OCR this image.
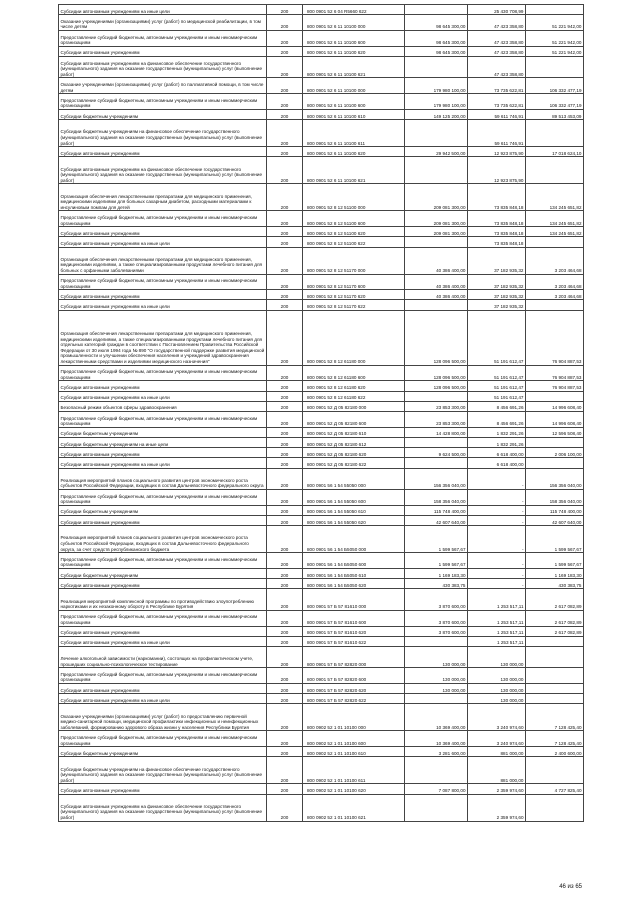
Субсидии автономным учреждениям на иные цели	200	800 0901 52 6 04 R5660 622		25 430 708,99	
Оказание учреждениями (организациями) услуг (работ) по медицинской реабилитации, в том числе детям	200	800 0901 52 6 11 10100 000	98 645 300,00	47 423 358,80	51 221 942,00
Предоставление субсидий бюджетным, автономным учреждениям и иным некоммерческим организациям	200	800 0901 52 6 11 10100 600	98 645 300,00	47 423 358,80	51 221 942,00
Субсидии автономным учреждениям	200	800 0901 52 6 11 10100 620	98 645 300,00	47 423 358,80	51 221 942,00
Субсидии автономным учреждениям на финансовое обеспечение государственного (муниципального) задания на оказание государственных (муниципальных) услуг (выполнение работ)	200	800 0901 52 6 11 10100 621		47 423 358,80	
Оказание учреждениями (организациями) услуг (работ) по паллиативной помощи, в том числе детям	200	800 0901 52 6 11 10100 000	179 980 100,00	73 735 622,81	106 332 477,19
Предоставление субсидий бюджетным, автономным учреждениям и иным некоммерческим организациям	200	800 0901 52 6 11 10100 600	179 980 100,00	73 735 622,81	106 332 477,19
Субсидии бюджетным учреждениям	200	800 0901 52 6 11 10100 610	149 125 200,00	59 611 746,91	89 513 453,09
Субсидии бюджетным учреждениям на финансовое обеспечение государственного (муниципального) задания на оказание государственных (муниципальных) услуг (выполнение работ)	200	800 0901 52 6 11 10100 611		59 611 746,91	
Субсидии автономным учреждениям	200	800 0901 52 6 11 10100 620	29 942 500,00	12 923 875,90	17 018 624,10
Субсидии автономным учреждениям на финансовое обеспечение государственного (муниципального) задания на оказание государственных (муниципальных) услуг (выполнение работ)	200	800 0901 52 6 11 10100 621		12 923 875,90	
Организация обеспечения лекарственными препаратами для медицинского применения, медицинскими изделиями для больных сахарным диабетом, расходными материалами к инсулиновым помпам для детей	200	800 0901 52 8 12 51100 000	209 081 300,00	73 835 848,18	134 245 651,82
Предоставление субсидий бюджетным, автономным учреждениям и иным некоммерческим организациям	200	800 0901 52 8 12 51100 600	209 081 300,00	73 835 848,18	134 245 651,82
Субсидии автономным учреждениям	200	800 0901 52 8 12 51100 620	209 081 300,00	73 835 848,18	134 245 651,82
Субсидии автономным учреждениям на иные цели	200	800 0901 52 8 12 51100 622		73 835 848,18	
Организация обеспечения лекарственными препаратами для медицинского применения, медицинскими изделиями, а также специализированными продуктами лечебного питания для больных с орфанными заболеваниями	200	800 0901 52 8 12 51170 000	40 386 400,00	37 182 935,32	3 203 464,68
Предоставление субсидий бюджетным, автономным учреждениям и иным некоммерческим организациям	200	800 0901 52 8 12 51170 600	40 386 400,00	37 182 935,32	3 203 464,68
Субсидии автономным учреждениям	200	800 0901 52 8 12 51170 620	40 386 400,00	37 182 935,32	3 203 464,68
Субсидии автономным учреждениям на иные цели	200	800 0901 52 8 12 51170 622		37 182 935,32	
Организация обеспечения лекарственными препаратами для медицинского применения, медицинскими изделиями, а также специализированными продуктами лечебного питания для отдельных категорий граждан в соответствии с Постановлением Правительства Российской Федерации от 30 июля 1994 года № 890 "О государственной поддержке развития медицинской промышленности и улучшении обеспечения населения и учреждений здравоохранения лекарственными средствами и изделиями медицинского назначения"	200	800 0901 52 8 12 61180 000	128 096 500,00	51 191 612,47	76 904 887,53
Предоставление субсидий бюджетным, автономным учреждениям и иным некоммерческим организациям	200	800 0901 52 8 12 61180 600	128 096 500,00	51 191 612,47	76 904 887,53
Субсидии автономным учреждениям	200	800 0901 52 8 12 61180 620	128 096 500,00	51 191 612,47	76 904 887,53
Субсидии автономным учреждениям на иные цели	200	800 0901 52 8 12 61180 622		51 191 612,47	
Безопасный режим объектов сферы здравоохранения	200	800 0901 52 Д 05 82180 000	23 853 300,00	8 456 691,26	14 996 608,40
Предоставление субсидий бюджетным, автономным учреждениям и иным некоммерческим организациям	200	800 0901 52 Д 05 82180 600	23 853 300,00	8 456 691,26	14 996 608,40
Субсидии бюджетным учреждениям	200	800 0901 52 Д 05 82180 610	14 428 800,00	1 832 291,26	12 596 508,40
Субсидии бюджетным учреждениям на иные цели	200	800 0901 52 Д 05 82180 612		1 832 291,26	
Субсидии автономным учреждениям	200	800 0901 52 Д 05 82180 620	9 624 500,00	6 618 400,00	2 006 100,00
Субсидии автономным учреждениям на иные цели	200	800 0901 52 Д 05 82180 622		6 618 400,00	
Реализация мероприятий планов социального развития центров экономического роста субъектов Российской Федерации, входящих в состав Дальневосточного федерального округа	200	800 0901 56 1 54 55050 000	156 356 040,00	-	156 356 040,00
Предоставление субсидий бюджетным, автономным учреждениям и иным некоммерческим организациям	200	800 0901 56 1 54 55050 600	158 356 040,00	-	158 356 040,00
Субсидии бюджетным учреждениям	200	800 0901 56 1 54 55050 610	115 748 400,00	-	115 748 400,00
Субсидии автономным учреждениям	200	800 0901 56 1 54 55050 620	42 607 640,00	-	42 607 640,00
Реализация мероприятий планов социального развития центров экономического роста субъектов Российской Федерации, входящих в состав Дальневосточного федерального округа, за счет средств республиканского бюджета	200	800 0901 56 1 54 Б5050 000	1 599 567,67	-	1 599 567,67
Предоставление субсидий бюджетным, автономным учреждениям и иным некоммерческим организациям	200	800 0901 56 1 54 Б5050 600	1 599 567,67	-	1 599 567,67
Субсидии бюджетным учреждениям	200	800 0901 56 1 54 Б5050 610	1 169 183,30	-	1 169 183,30
Субсидии автономным учреждениям	200	800 0901 56 1 54 Б5050 620	430 383,75	-	430 383,75
Реализация мероприятий комплексной программы по противодействию злоупотреблению наркотиками и их незаконному обороту в Республике Бурятия	200	800 0901 57 Б 57 81610 000	3 870 600,00	1 253 517,11	2 617 082,89
Предоставление субсидий бюджетным, автономным учреждениям и иным некоммерческим организациям	200	800 0901 57 Б 57 81610 600	3 870 600,00	1 253 517,11	2 617 082,89
Субсидии автономным учреждениям	200	800 0901 57 Б 57 81610 620	3 870 600,00	1 253 517,11	2 617 082,89
Субсидии автономным учреждениям на иные цели	200	800 0901 57 Б 57 81610 622		1 253 517,11	
Лечение алкогольной зависимости (наркомании), состоящих на профилактическом учете, прошедших социально-психологическое тестирование	200	800 0901 57 Б 57 82820 000	130 000,00	130 000,00	
Предоставление субсидий бюджетным, автономным учреждениям и иным некоммерческим организациям	200	800 0901 57 Б 57 82820 600	130 000,00	130 000,00	
Субсидии автономным учреждениям	200	800 0901 57 Б 57 82820 620	130 000,00	130 000,00	
Субсидии автономным учреждениям на иные цели	200	800 0901 57 Б 57 82820 622		130 000,00	
Оказание учреждениями (организациями) услуг (работ) по предоставлению первичной медико-санитарной помощи, медицинской профилактики инфекционных и неинфекционных заболеваний, формированию здорового образа жизни у населения Республики Бурятия	200	800 0902 52 1 01 10100 000	10 369 400,00	3 240 974,60	7 128 425,40
Предоставление субсидий бюджетным, автономным учреждениям и иным некоммерческим организациям	200	800 0902 52 1 01 10100 600	10 369 400,00	3 240 974,60	7 128 425,40
Субсидии бюджетным учреждениям	200	800 0902 52 1 01 10100 610	3 281 600,00	881 000,00	2 400 600,00
Субсидии бюджетным учреждениям на финансовое обеспечение государственного (муниципального) задания на оказание государственных (муниципальных) услуг (выполнение работ)	200	800 0902 52 1 01 10100 611		881 000,00	
Субсидии автономным учреждениям	200	800 0902 52 1 01 10100 620	7 087 800,00	2 359 974,60	4 727 825,40
Субсидии автономным учреждениям на финансовое обеспечение государственного (муниципального) задания на оказание государственных (муниципальных) услуг (выполнение работ)	200	800 0902 52 1 01 10100 621		2 359 974,60	
46 из 65
